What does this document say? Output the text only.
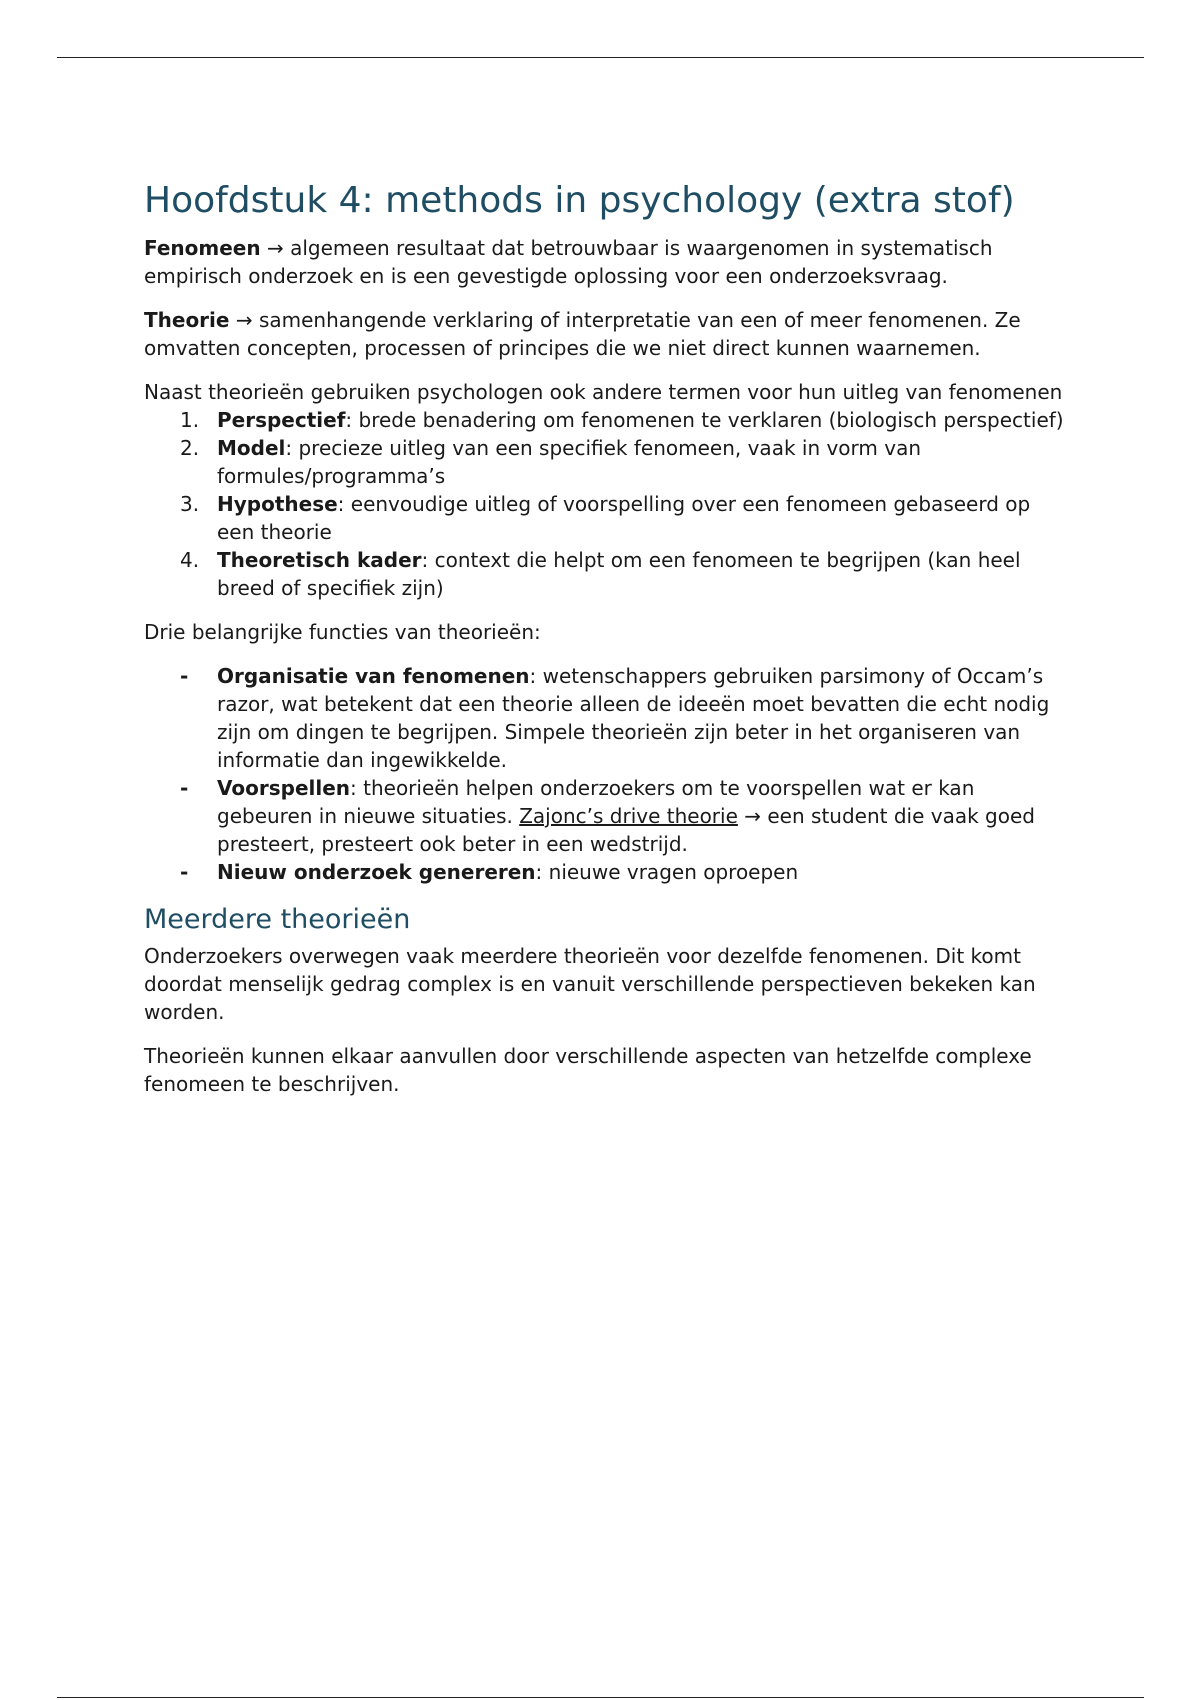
Hoofdstuk 4: methods in psychology (extra stof)

Fenomeen → algemeen resultaat dat betrouwbaar is waargenomen in systematisch empirisch onderzoek en is een gevestigde oplossing voor een onderzoeksvraag.

Theorie → samenhangende verklaring of interpretatie van een of meer fenomenen. Ze omvatten concepten, processen of principes die we niet direct kunnen waarnemen.

Naast theorieën gebruiken psychologen ook andere termen voor hun uitleg van fenomenen

1. Perspectief: brede benadering om fenomenen te verklaren (biologisch perspectief)
2. Model: precieze uitleg van een specifiek fenomeen, vaak in vorm van formules/programma’s
3. Hypothese: eenvoudige uitleg of voorspelling over een fenomeen gebaseerd op een theorie
4. Theoretisch kader: context die helpt om een fenomeen te begrijpen (kan heel breed of specifiek zijn)

Drie belangrijke functies van theorieën:

- Organisatie van fenomenen: wetenschappers gebruiken parsimony of Occam’s razor, wat betekent dat een theorie alleen de ideeën moet bevatten die echt nodig zijn om dingen te begrijpen. Simpele theorieën zijn beter in het organiseren van informatie dan ingewikkelde.
- Voorspellen: theorieën helpen onderzoekers om te voorspellen wat er kan gebeuren in nieuwe situaties. Zajonc’s drive theorie → een student die vaak goed presteert, presteert ook beter in een wedstrijd.
- Nieuw onderzoek genereren: nieuwe vragen oproepen
Meerdere theorieën

Onderzoekers overwegen vaak meerdere theorieën voor dezelfde fenomenen. Dit komt doordat menselijk gedrag complex is en vanuit verschillende perspectieven bekeken kan worden.

Theorieën kunnen elkaar aanvullen door verschillende aspecten van hetzelfde complexe fenomeen te beschrijven.
